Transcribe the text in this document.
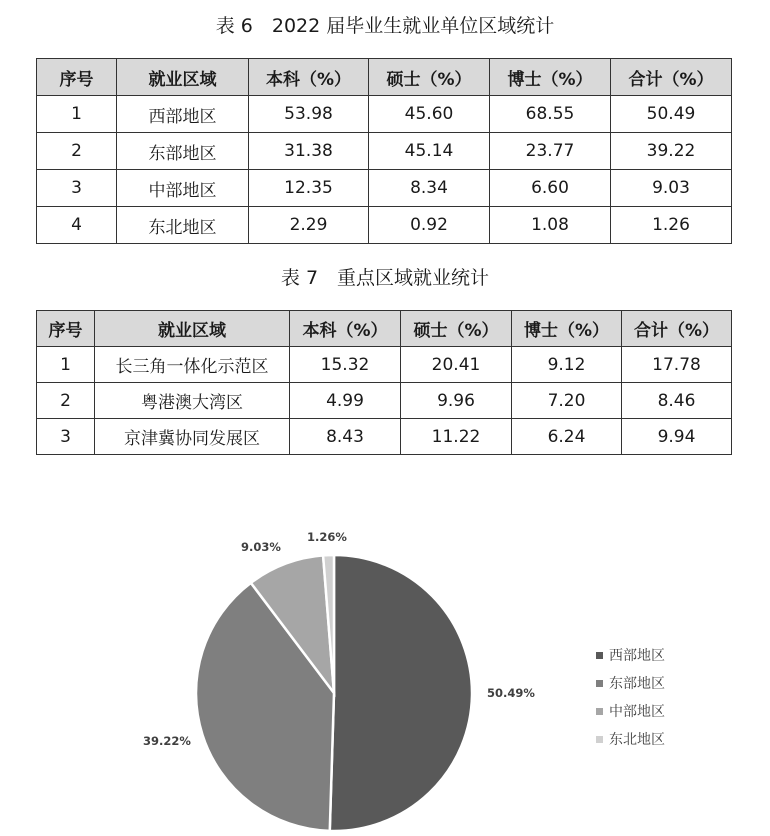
表 6　2022 届毕业生就业单位区域统计
序号	就业区域	本科（%）	硕士（%）	博士（%）	合计（%）
1	西部地区	53.98	45.60	68.55	50.49
2	东部地区	31.38	45.14	23.77	39.22
3	中部地区	12.35	8.34	6.60	9.03
4	东北地区	2.29	0.92	1.08	1.26
表 7　重点区域就业统计
序号	就业区域	本科（%）	硕士（%）	博士（%）	合计（%）
1	长三角一体化示范区	15.32	20.41	9.12	17.78
2	粤港澳大湾区	4.99	9.96	7.20	8.46
3	京津冀协同发展区	8.43	11.22	6.24	9.94
50.49%
39.22%
9.03%
1.26%
西部地区
东部地区
中部地区
东北地区
